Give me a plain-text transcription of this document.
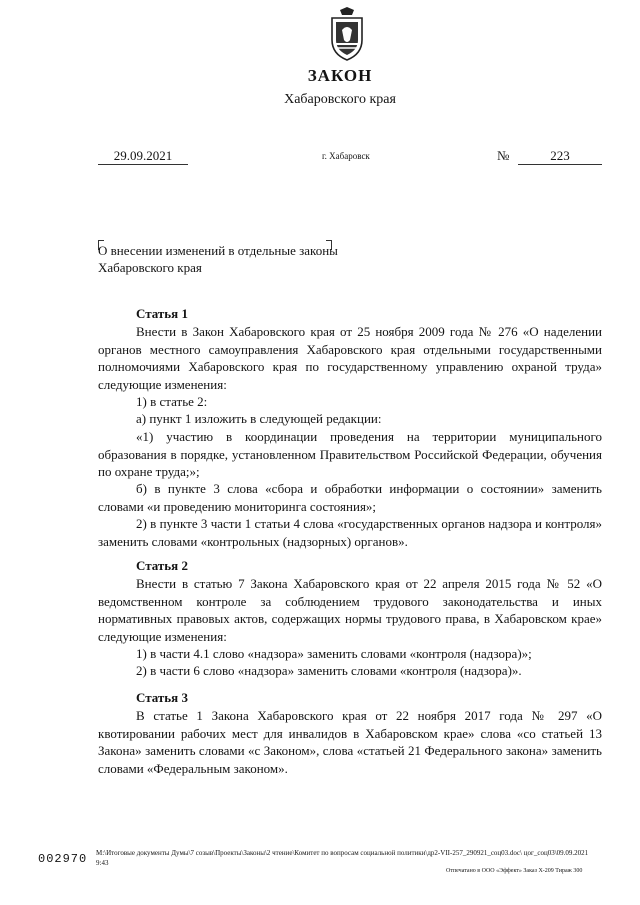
ЗАКОН
Хабаровского края
29.09.2021	г. Хабаровск	№	223
О внесении изменений в отдельные законы Хабаровского края
Статья 1
Внести в Закон Хабаровского края от 25 ноября 2009 года № 276 «О наделении органов местного самоуправления Хабаровского края отдельными государственными полномочиями Хабаровского края по государственному управлению охраной труда» следующие изменения:
1) в статье 2:
а) пункт 1 изложить в следующей редакции:
«1) участию в координации проведения на территории муниципального образования в порядке, установленном Правительством Российской Федерации, обучения по охране труда;»;
б) в пункте 3 слова «сбора и обработки информации о состоянии» заменить словами «и проведению мониторинга состояния»;
2) в пункте 3 части 1 статьи 4 слова «государственных органов надзора и контроля» заменить словами «контрольных (надзорных) органов».
Статья 2
Внести в статью 7 Закона Хабаровского края от 22 апреля 2015 года № 52 «О ведомственном контроле за соблюдением трудового законодательства и иных нормативных правовых актов, содержащих нормы трудового права, в Хабаровском крае» следующие изменения:
1) в части 4.1 слово «надзора» заменить словами «контроля (надзора)»;
2) в части 6 слово «надзора» заменить словами «контроля (надзора)».
Статья 3
В статье 1 Закона Хабаровского края от 22 ноября 2017 года № 297 «О квотировании рабочих мест для инвалидов в Хабаровском крае» слова «со статьей 13 Закона» заменить словами «с Законом», слова «статьей 21 Федерального закона» заменить словами «Федеральным законом».
002970 М:\Итоговые документы Думы\7 созыв\Проекты\Законы\2 чтение\Комитет по вопросам социальной политики\др2-VII-257_290921_соц03.doc\ цог_соц03\09.09.2021 9:43
Отпечатано в ООО «Эффект» Заказ Х-209 Тираж 300
